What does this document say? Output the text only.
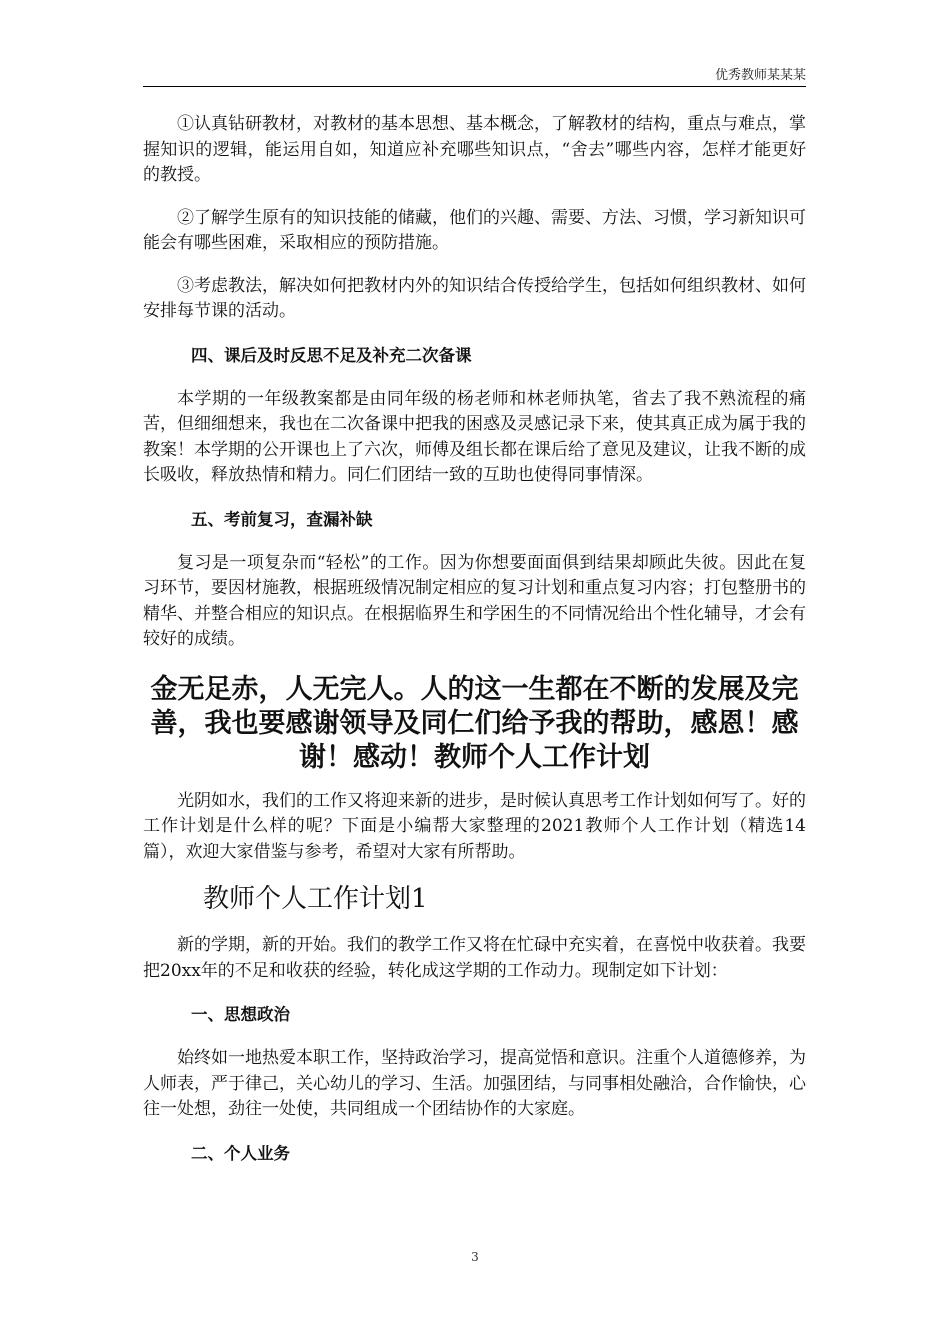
优秀教师某某某

①认真钻研教材，对教材的基本思想、基本概念，了解教材的结构，重点与难点，掌握知识的逻辑，能运用自如，知道应补充哪些知识点，“舍去”哪些内容，怎样才能更好的教授。

②了解学生原有的知识技能的储藏，他们的兴趣、需要、方法、习惯，学习新知识可能会有哪些困难，采取相应的预防措施。

③考虑教法，解决如何把教材内外的知识结合传授给学生，包括如何组织教材、如何安排每节课的活动。

四、课后及时反思不足及补充二次备课

本学期的一年级教案都是由同年级的杨老师和林老师执笔，省去了我不熟流程的痛苦，但细细想来，我也在二次备课中把我的困惑及灵感记录下来，使其真正成为属于我的教案！本学期的公开课也上了六次，师傅及组长都在课后给了意见及建议，让我不断的成长吸收，释放热情和精力。同仁们团结一致的互助也使得同事情深。

五、考前复习，查漏补缺

复习是一项复杂而“轻松”的工作。因为你想要面面俱到结果却顾此失彼。因此在复习环节，要因材施教，根据班级情况制定相应的复习计划和重点复习内容；打包整册书的精华、并整合相应的知识点。在根据临界生和学困生的不同情况给出个性化辅导，才会有较好的成绩。

金无足赤，人无完人。人的这一生都在不断的发展及完善，我也要感谢领导及同仁们给予我的帮助，感恩！感谢！感动！教师个人工作计划

光阴如水，我们的工作又将迎来新的进步，是时候认真思考工作计划如何写了。好的工作计划是什么样的呢？下面是小编帮大家整理的2021教师个人工作计划（精选14篇），欢迎大家借鉴与参考，希望对大家有所帮助。

教师个人工作计划1

新的学期，新的开始。我们的教学工作又将在忙碌中充实着，在喜悦中收获着。我要把20xx年的不足和收获的经验，转化成这学期的工作动力。现制定如下计划：

一、思想政治

始终如一地热爱本职工作，坚持政治学习，提高觉悟和意识。注重个人道德修养，为人师表，严于律己，关心幼儿的学习、生活。加强团结，与同事相处融洽，合作愉快，心往一处想，劲往一处使，共同组成一个团结协作的大家庭。

二、个人业务
3
